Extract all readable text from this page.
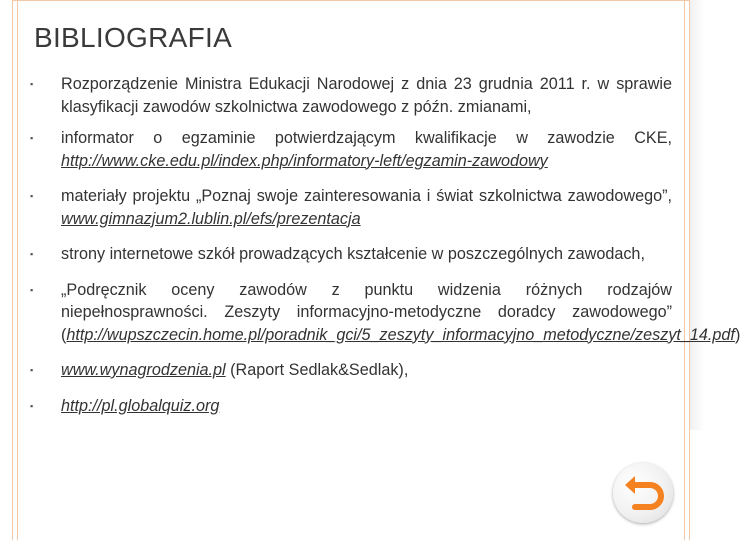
BIBLIOGRAFIA
▪ Rozporządzenie Ministra Edukacji Narodowej z dnia 23 grudnia 2011 r. w sprawie klasyfikacji zawodów szkolnictwa zawodowego z późn. zmianami,
▪ informator o egzaminie potwierdzającym kwalifikacje w zawodzie CKE, http://www.cke.edu.pl/index.php/informatory-left/egzamin-zawodowy
▪ materiały projektu „Poznaj swoje zainteresowania i świat szkolnictwa zawodowego”, www.gimnazjum2.lublin.pl/efs/prezentacja
▪ strony internetowe szkół prowadzących kształcenie w poszczególnych zawodach,
▪ „Podręcznik oceny zawodów z punktu widzenia różnych rodzajów niepełnosprawności. Zeszyty informacyjno-metodyczne doradcy zawodowego” (http://wupszczecin.home.pl/poradnik_gci/5_zeszyty_informacyjno_metodyczne/zeszyt_14.pdf)
▪ www.wynagrodzenia.pl (Raport Sedlak&Sedlak),
▪ http://pl.globalquiz.org
